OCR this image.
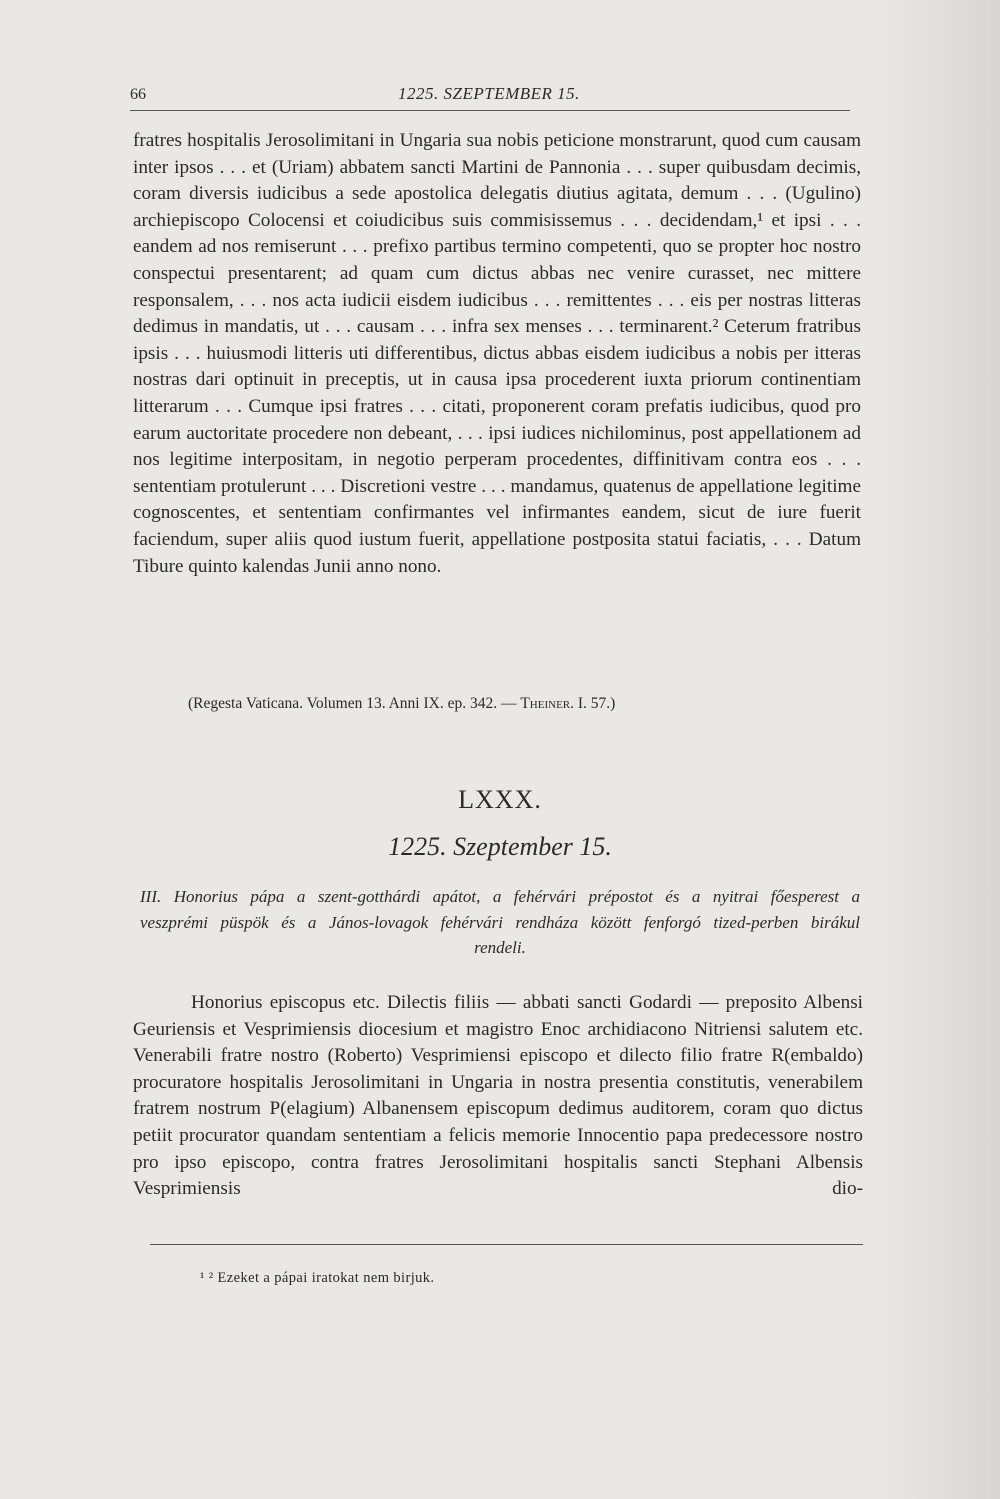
66	1225. SZEPTEMBER 15.

fratres hospitalis Jerosolimitani in Ungaria sua nobis peticione monstrarunt, quod cum causam inter ipsos . . . et (Uriam) abbatem sancti Martini de Pannonia . . . super quibusdam decimis, coram diversis iudicibus a sede apostolica delegatis diutius agitata, demum . . . (Ugulino) archiepiscopo Colocensi et coiudicibus suis commisissemus . . . decidendam,¹ et ipsi . . . eandem ad nos remiserunt . . . prefixo partibus termino competenti, quo se propter hoc nostro conspectui presentarent; ad quam cum dictus abbas nec venire curasset, nec mittere responsalem, . . . nos acta iudicii eisdem iudicibus . . . remittentes . . . eis per nostras litteras dedimus in mandatis, ut . . . causam . . . infra sex menses . . . terminarent.² Ceterum fratribus ipsis . . . huiusmodi litteris uti differentibus, dictus abbas eisdem iudicibus a nobis per itteras nostras dari optinuit in preceptis, ut in causa ipsa procederent iuxta priorum continentiam litterarum . . . Cumque ipsi fratres . . . citati, proponerent coram prefatis iudicibus, quod pro earum auctoritate procedere non debeant, . . . ipsi iudices nichilominus, post appellationem ad nos legitime interpositam, in negotio perperam procedentes, diffinitivam contra eos . . . sententiam protulerunt . . . Discretioni vestre . . . mandamus, quatenus de appellatione legitime cognoscentes, et sententiam confirmantes vel infirmantes eandem, sicut de iure fuerit faciendum, super aliis quod iustum fuerit, appellatione postposita statui faciatis, . . . Datum Tibure quinto kalendas Junii anno nono.

(Regesta Vaticana. Volumen 13. Anni IX. ep. 342. — Theiner. I. 57.)
LXXX.
1225. Szeptember 15.
III. Honorius pápa a szent-gotthárdi apátot, a fehérvári prépostot és a nyitrai főesperest a
veszprémi püspök és a János-lovagok fehérvári rendháza között fenforgó tized-perben birákul
rendeli.
Honorius episcopus etc. Dilectis filiis — abbati sancti Godardi — preposito Albensi Geuriensis et Vesprimiensis diocesium et magistro Enoc archidiacono Nitriensi salutem etc. Venerabili fratre nostro (Roberto) Vesprimiensi episcopo et dilecto filio fratre R(embaldo) procuratore hospitalis Jerosolimitani in Ungaria in nostra presentia constitutis, venerabilem fratrem nostrum P(elagium) Albanensem episcopum dedimus auditorem, coram quo dictus petiit procurator quandam sententiam a felicis memorie Innocentio papa predecessore nostro pro ipso episcopo, contra fratres Jerosolimitani hospitalis sancti Stephani Albensis Vesprimiensis dio-
¹ ² Ezeket a pápai iratokat nem birjuk.
